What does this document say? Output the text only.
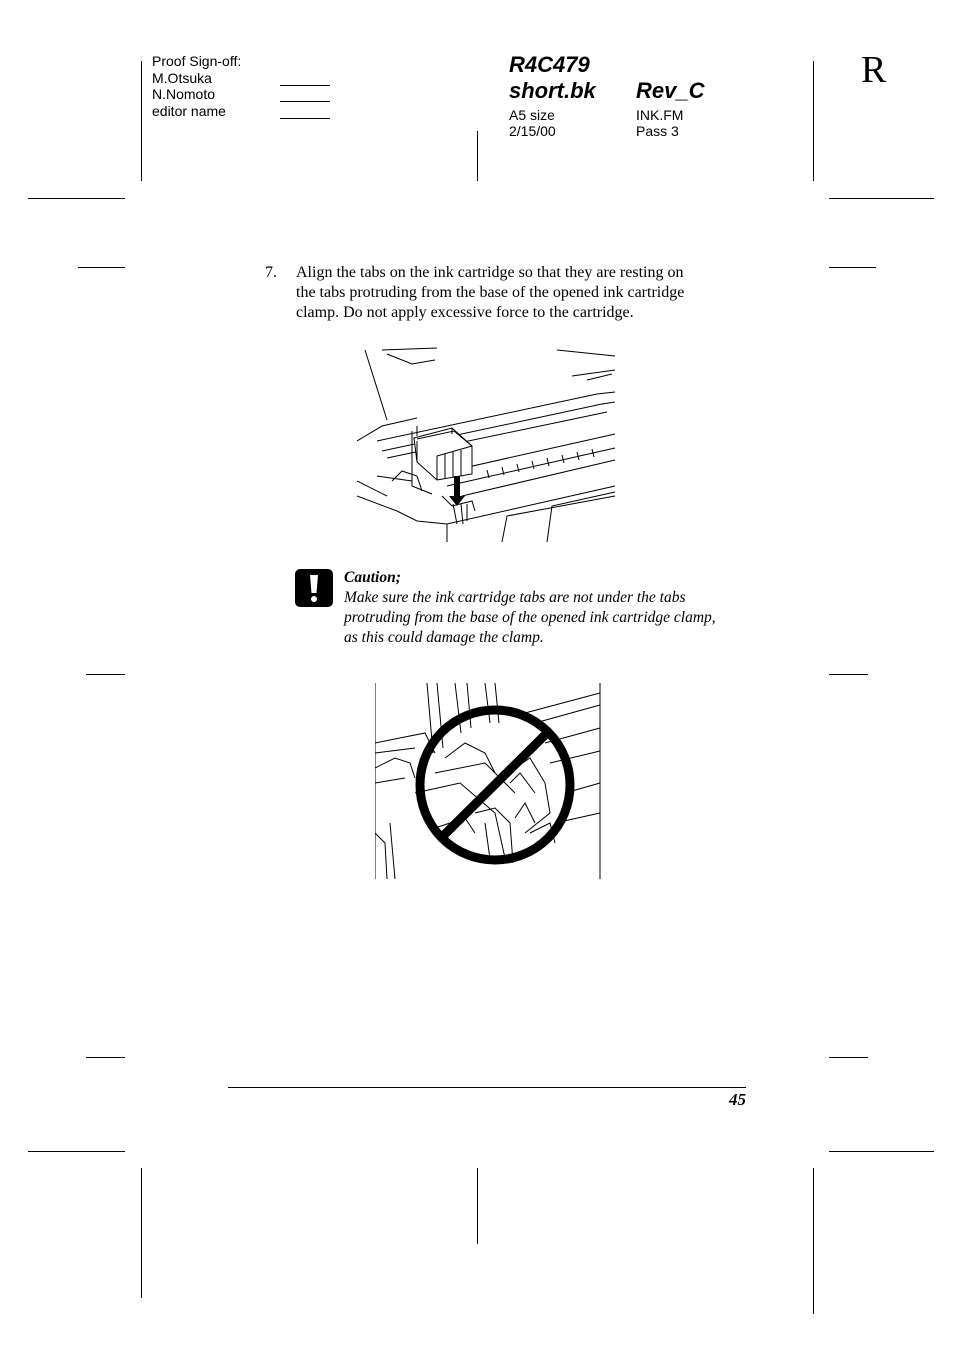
Proof Sign-off:
M.Otsuka
N.Nomoto
editor name
R4C479
short.bk Rev_C
A5 size
2/15/00
INK.FM
Pass 3
R
7. Align the tabs on the ink cartridge so that they are resting on
the tabs protruding from the base of the opened ink cartridge
clamp. Do not apply excessive force to the cartridge.
Caution;
Make sure the ink cartridge tabs are not under the tabs
protruding from the base of the opened ink cartridge clamp,
as this could damage the clamp.
45
